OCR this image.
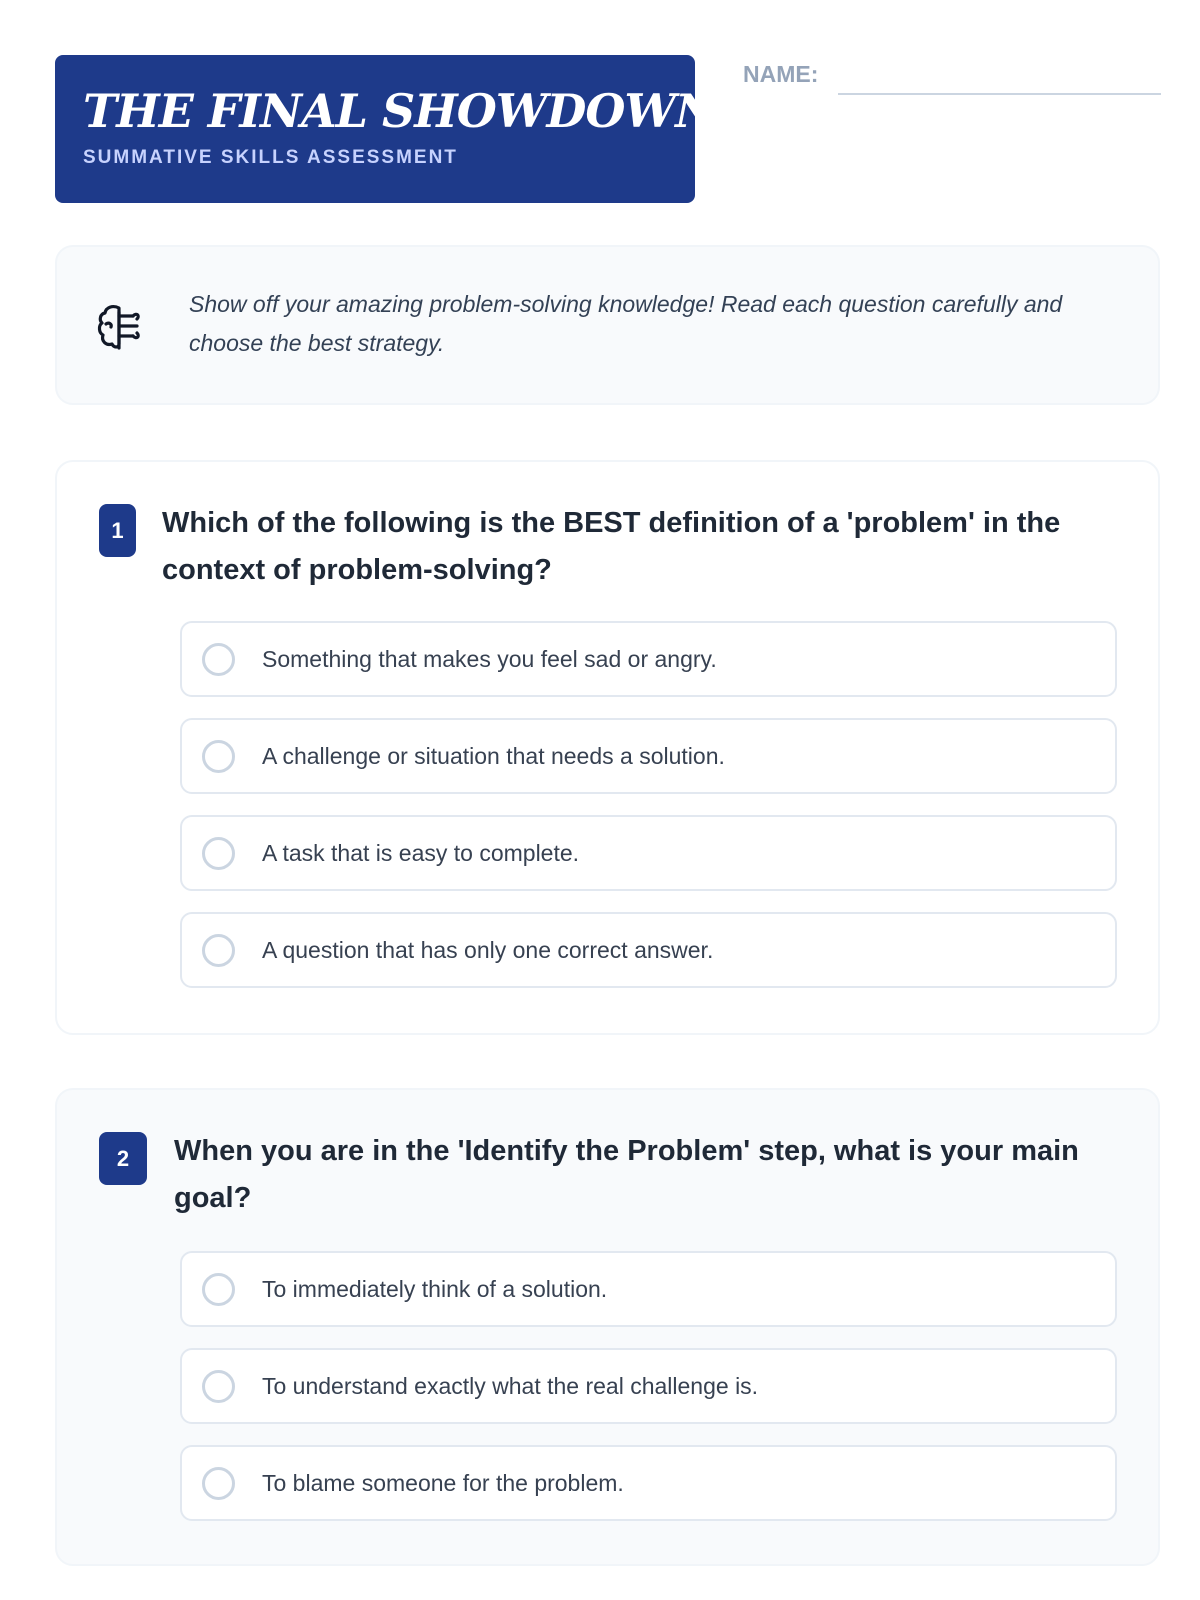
THE FINAL SHOWDOWN
SUMMATIVE SKILLS ASSESSMENT
NAME:
Show off your amazing problem-solving knowledge! Read each question carefully and choose the best strategy.
1	Which of the following is the BEST definition of a 'problem' in the context of problem-solving?
Something that makes you feel sad or angry.
A challenge or situation that needs a solution.
A task that is easy to complete.
A question that has only one correct answer.
2	When you are in the 'Identify the Problem' step, what is your main goal?
To immediately think of a solution.
To understand exactly what the real challenge is.
To blame someone for the problem.
